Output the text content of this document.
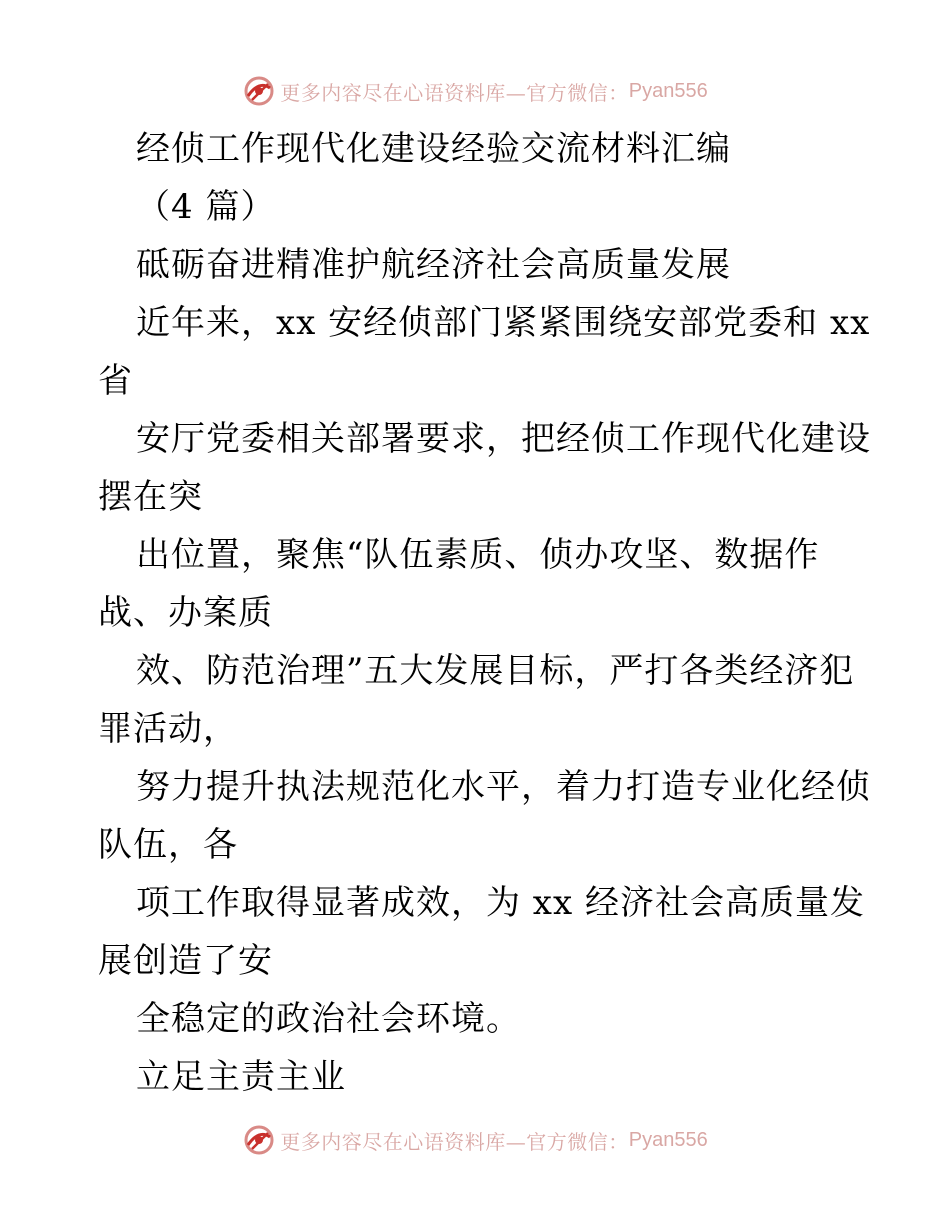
更多内容尽在心语资料库—官方微信： Pyan556
经侦工作现代化建设经验交流材料汇编
（4 篇）
砥砺奋进精准护航经济社会高质量发展
近年来，xx 安经侦部门紧紧围绕安部党委和 xx
省
安厅党委相关部署要求，把经侦工作现代化建设
摆在突
出位置，聚焦“队伍素质、侦办攻坚、数据作
战、办案质
效、防范治理”五大发展目标，严打各类经济犯
罪活动，
努力提升执法规范化水平，着力打造专业化经侦
队伍，各
项工作取得显著成效，为 xx 经济社会高质量发
展创造了安
全稳定的政治社会环境。
立足主责主业
更多内容尽在心语资料库—官方微信： Pyan556
